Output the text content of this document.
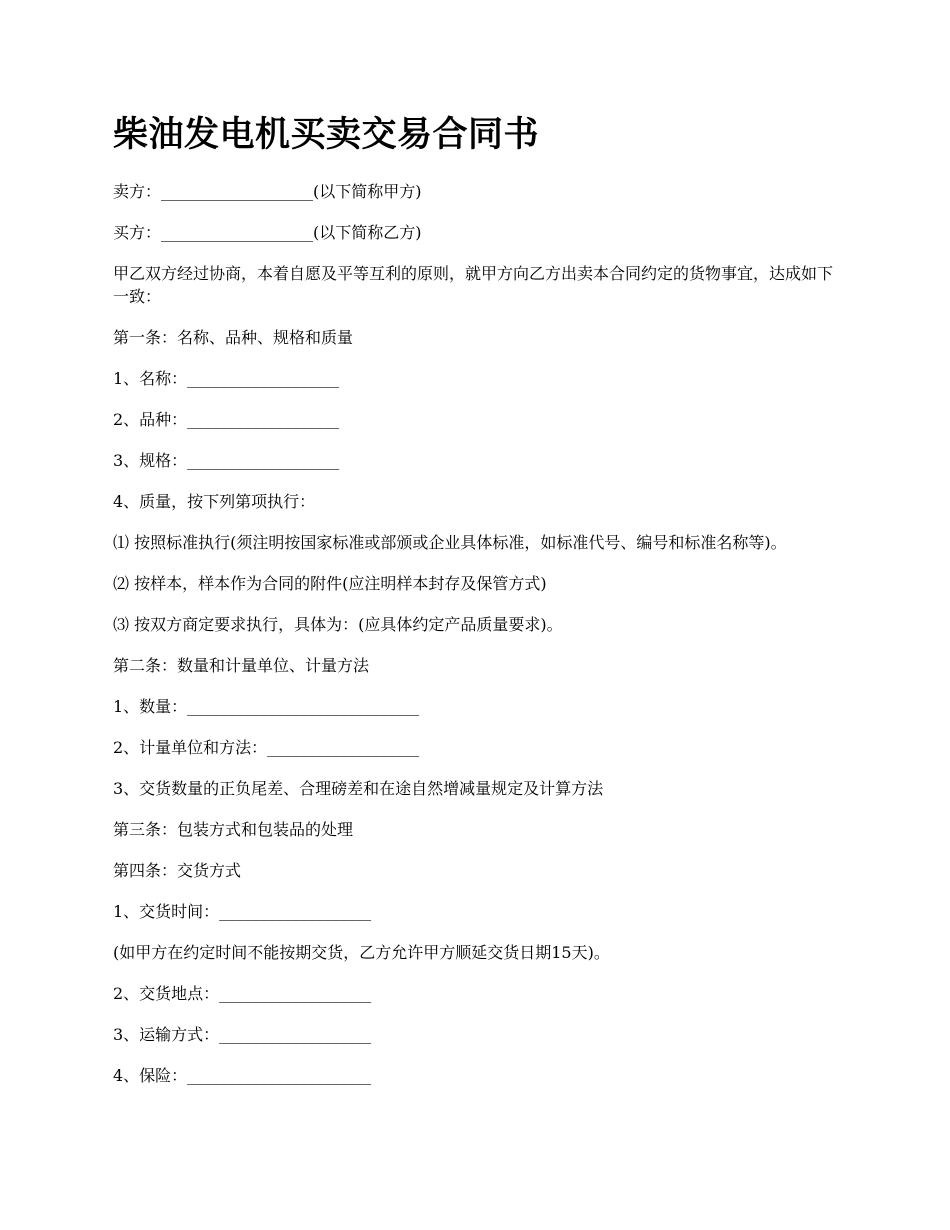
柴油发电机买卖交易合同书

卖方：___________________(以下简称甲方)

买方：___________________(以下简称乙方)

甲乙双方经过协商，本着自愿及平等互利的原则，就甲方向乙方出卖本合同约定的货物事宜，达成如下一致：

第一条：名称、品种、规格和质量

1、名称：___________________

2、品种：___________________

3、规格：___________________

4、质量，按下列第项执行：

⑴ 按照标准执行(须注明按国家标准或部颁或企业具体标准，如标准代号、编号和标准名称等)。

⑵ 按样本，样本作为合同的附件(应注明样本封存及保管方式)

⑶ 按双方商定要求执行，具体为：(应具体约定产品质量要求)。

第二条：数量和计量单位、计量方法

1、数量：_____________________________

2、计量单位和方法：___________________

3、交货数量的正负尾差、合理磅差和在途自然增减量规定及计算方法

第三条：包装方式和包装品的处理

第四条：交货方式

1、交货时间：___________________

(如甲方在约定时间不能按期交货，乙方允许甲方顺延交货日期15天)。

2、交货地点：___________________

3、运输方式：___________________

4、保险：_______________________
